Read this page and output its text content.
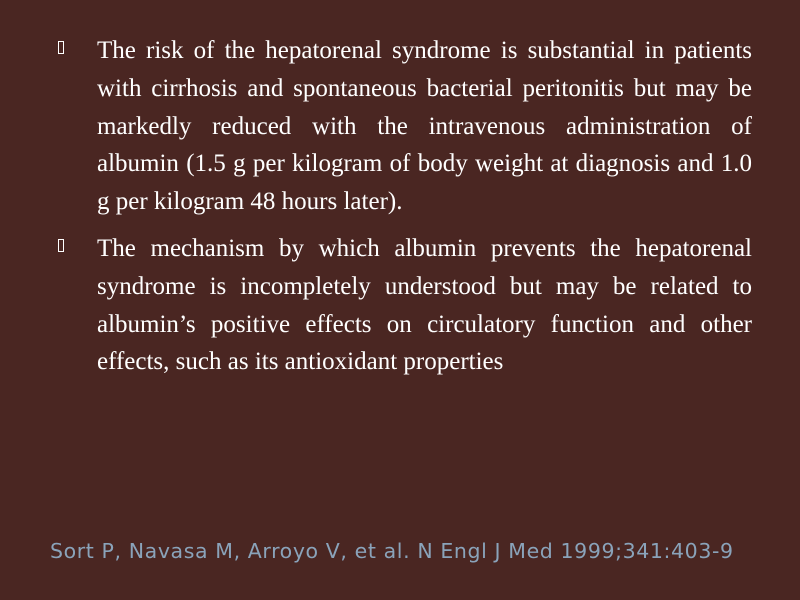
The risk of the hepatorenal syndrome is substantial in patients with cirrhosis and spontaneous bacterial peritonitis but may be markedly reduced with the intravenous administration of albumin (1.5 g per kilogram of body weight at diagnosis and 1.0 g per kilogram 48 hours later).
The mechanism by which albumin prevents the hepatorenal syndrome is incompletely understood but may be related to albumin’s positive effects on circulatory function and other effects, such as its antioxidant properties

Sort P, Navasa M, Arroyo V, et al. N Engl J Med 1999;341:403-9
